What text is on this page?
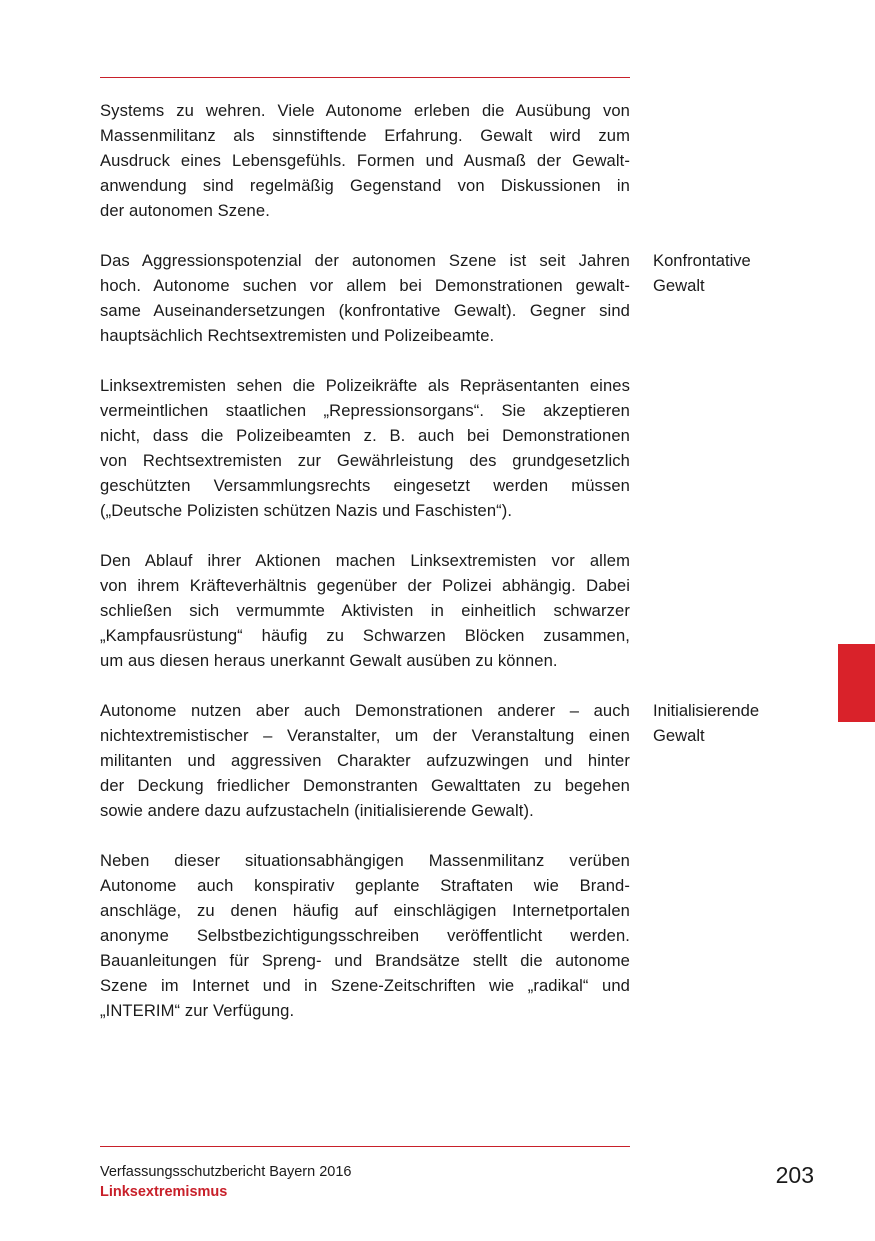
Systems zu wehren. Viele Autonome erleben die Ausübung von
Massenmilitanz als sinnstiftende Erfahrung. Gewalt wird zum
Ausdruck eines Lebensgefühls. Formen und Ausmaß der Gewalt-
anwendung sind regelmäßig Gegenstand von Diskussionen in
der autonomen Szene.
Das Aggressionspotenzial der autonomen Szene ist seit Jahren
hoch. Autonome suchen vor allem bei Demonstrationen gewalt-
same Auseinandersetzungen (konfrontative Gewalt). Gegner sind
hauptsächlich Rechtsextremisten und Polizeibeamte.
Konfrontative
Gewalt
Linksextremisten sehen die Polizeikräfte als Repräsentanten eines
vermeintlichen staatlichen „Repressionsorgans“. Sie akzeptieren
nicht, dass die Polizeibeamten z. B. auch bei Demonstrationen
von Rechtsextremisten zur Gewährleistung des grundgesetzlich
geschützten Versammlungsrechts eingesetzt werden müssen
(„Deutsche Polizisten schützen Nazis und Faschisten“).
Den Ablauf ihrer Aktionen machen Linksextremisten vor allem
von ihrem Kräfteverhältnis gegenüber der Polizei abhängig. Dabei
schließen sich vermummte Aktivisten in einheitlich schwarzer
„Kampfausrüstung“ häufig zu Schwarzen Blöcken zusammen,
um aus diesen heraus unerkannt Gewalt ausüben zu können.
Autonome nutzen aber auch Demonstrationen anderer – auch
nichtextremistischer – Veranstalter, um der Veranstaltung einen
militanten und aggressiven Charakter aufzuzwingen und hinter
der Deckung friedlicher Demonstranten Gewalttaten zu begehen
sowie andere dazu aufzustacheln (initialisierende Gewalt).
Initialisierende
Gewalt
Neben dieser situationsabhängigen Massenmilitanz verüben
Autonome auch konspirativ geplante Straftaten wie Brand-
anschläge, zu denen häufig auf einschlägigen Internetportalen
anonyme Selbstbezichtigungsschreiben veröffentlicht werden.
Bauanleitungen für Spreng- und Brandsätze stellt die autonome
Szene im Internet und in Szene-Zeitschriften wie „radikal“ und
„INTERIM“ zur Verfügung.
Verfassungsschutzbericht Bayern 2016
Linksextremismus
203
